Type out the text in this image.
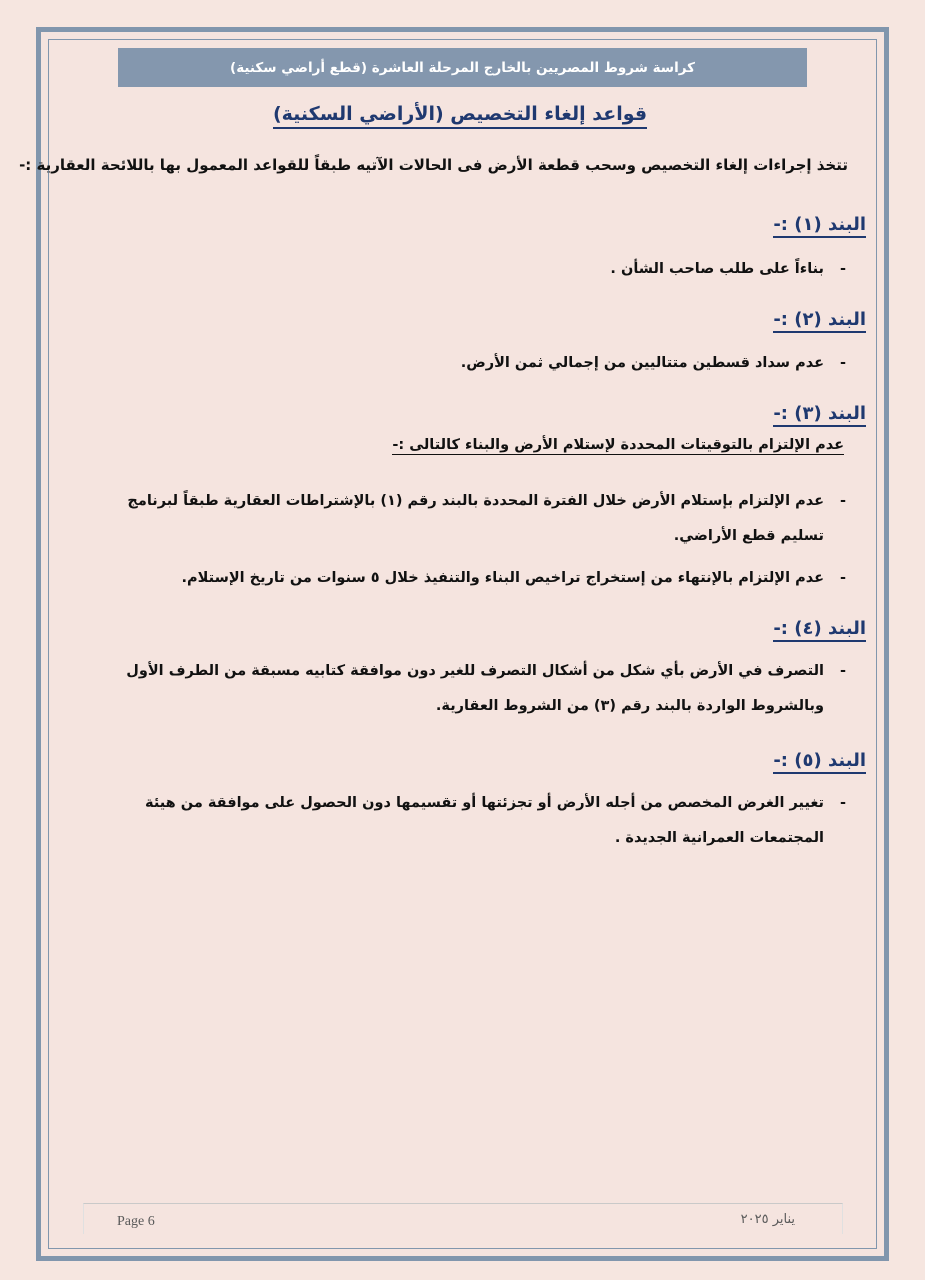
كراسة شروط المصريين بالخارج المرحلة العاشرة (قطع أراضي سكنية)
قواعد إلغاء التخصيص (الأراضي السكنية)
تتخذ إجراءات إلغاء التخصيص وسحب قطعة الأرض فى الحالات الآتيه طبقاً للقواعد المعمول بها باللائحة العقارية :-
البند (١) :-
-
بناءاً على طلب صاحب الشأن .
البند (٢) :-
-
عدم سداد قسطين متتاليين من إجمالي ثمن الأرض.
البند (٣) :-
عدم الإلتزام بالتوقيتات المحددة لإستلام الأرض والبناء كالتالى :-
-
عدم الإلتزام بإستلام الأرض خلال الفترة المحددة بالبند رقم (١) بالإشتراطات العقارية طبقاً لبرنامج تسليم قطع الأراضي.
-
عدم الإلتزام بالإنتهاء من إستخراج تراخيص البناء والتنفيذ خلال ٥ سنوات من تاريخ الإستلام.
البند (٤) :-
-
التصرف في الأرض بأي شكل من أشكال التصرف للغير دون موافقة كتابيه مسبقة من الطرف الأول وبالشروط الواردة بالبند رقم (٣) من الشروط العقارية.
البند (٥) :-
-
تغيير الغرض المخصص من أجله الأرض أو تجزئتها أو تقسيمها دون الحصول على موافقة من هيئة المجتمعات العمرانية الجديدة .
Page 6	يناير ٢٠٢٥
